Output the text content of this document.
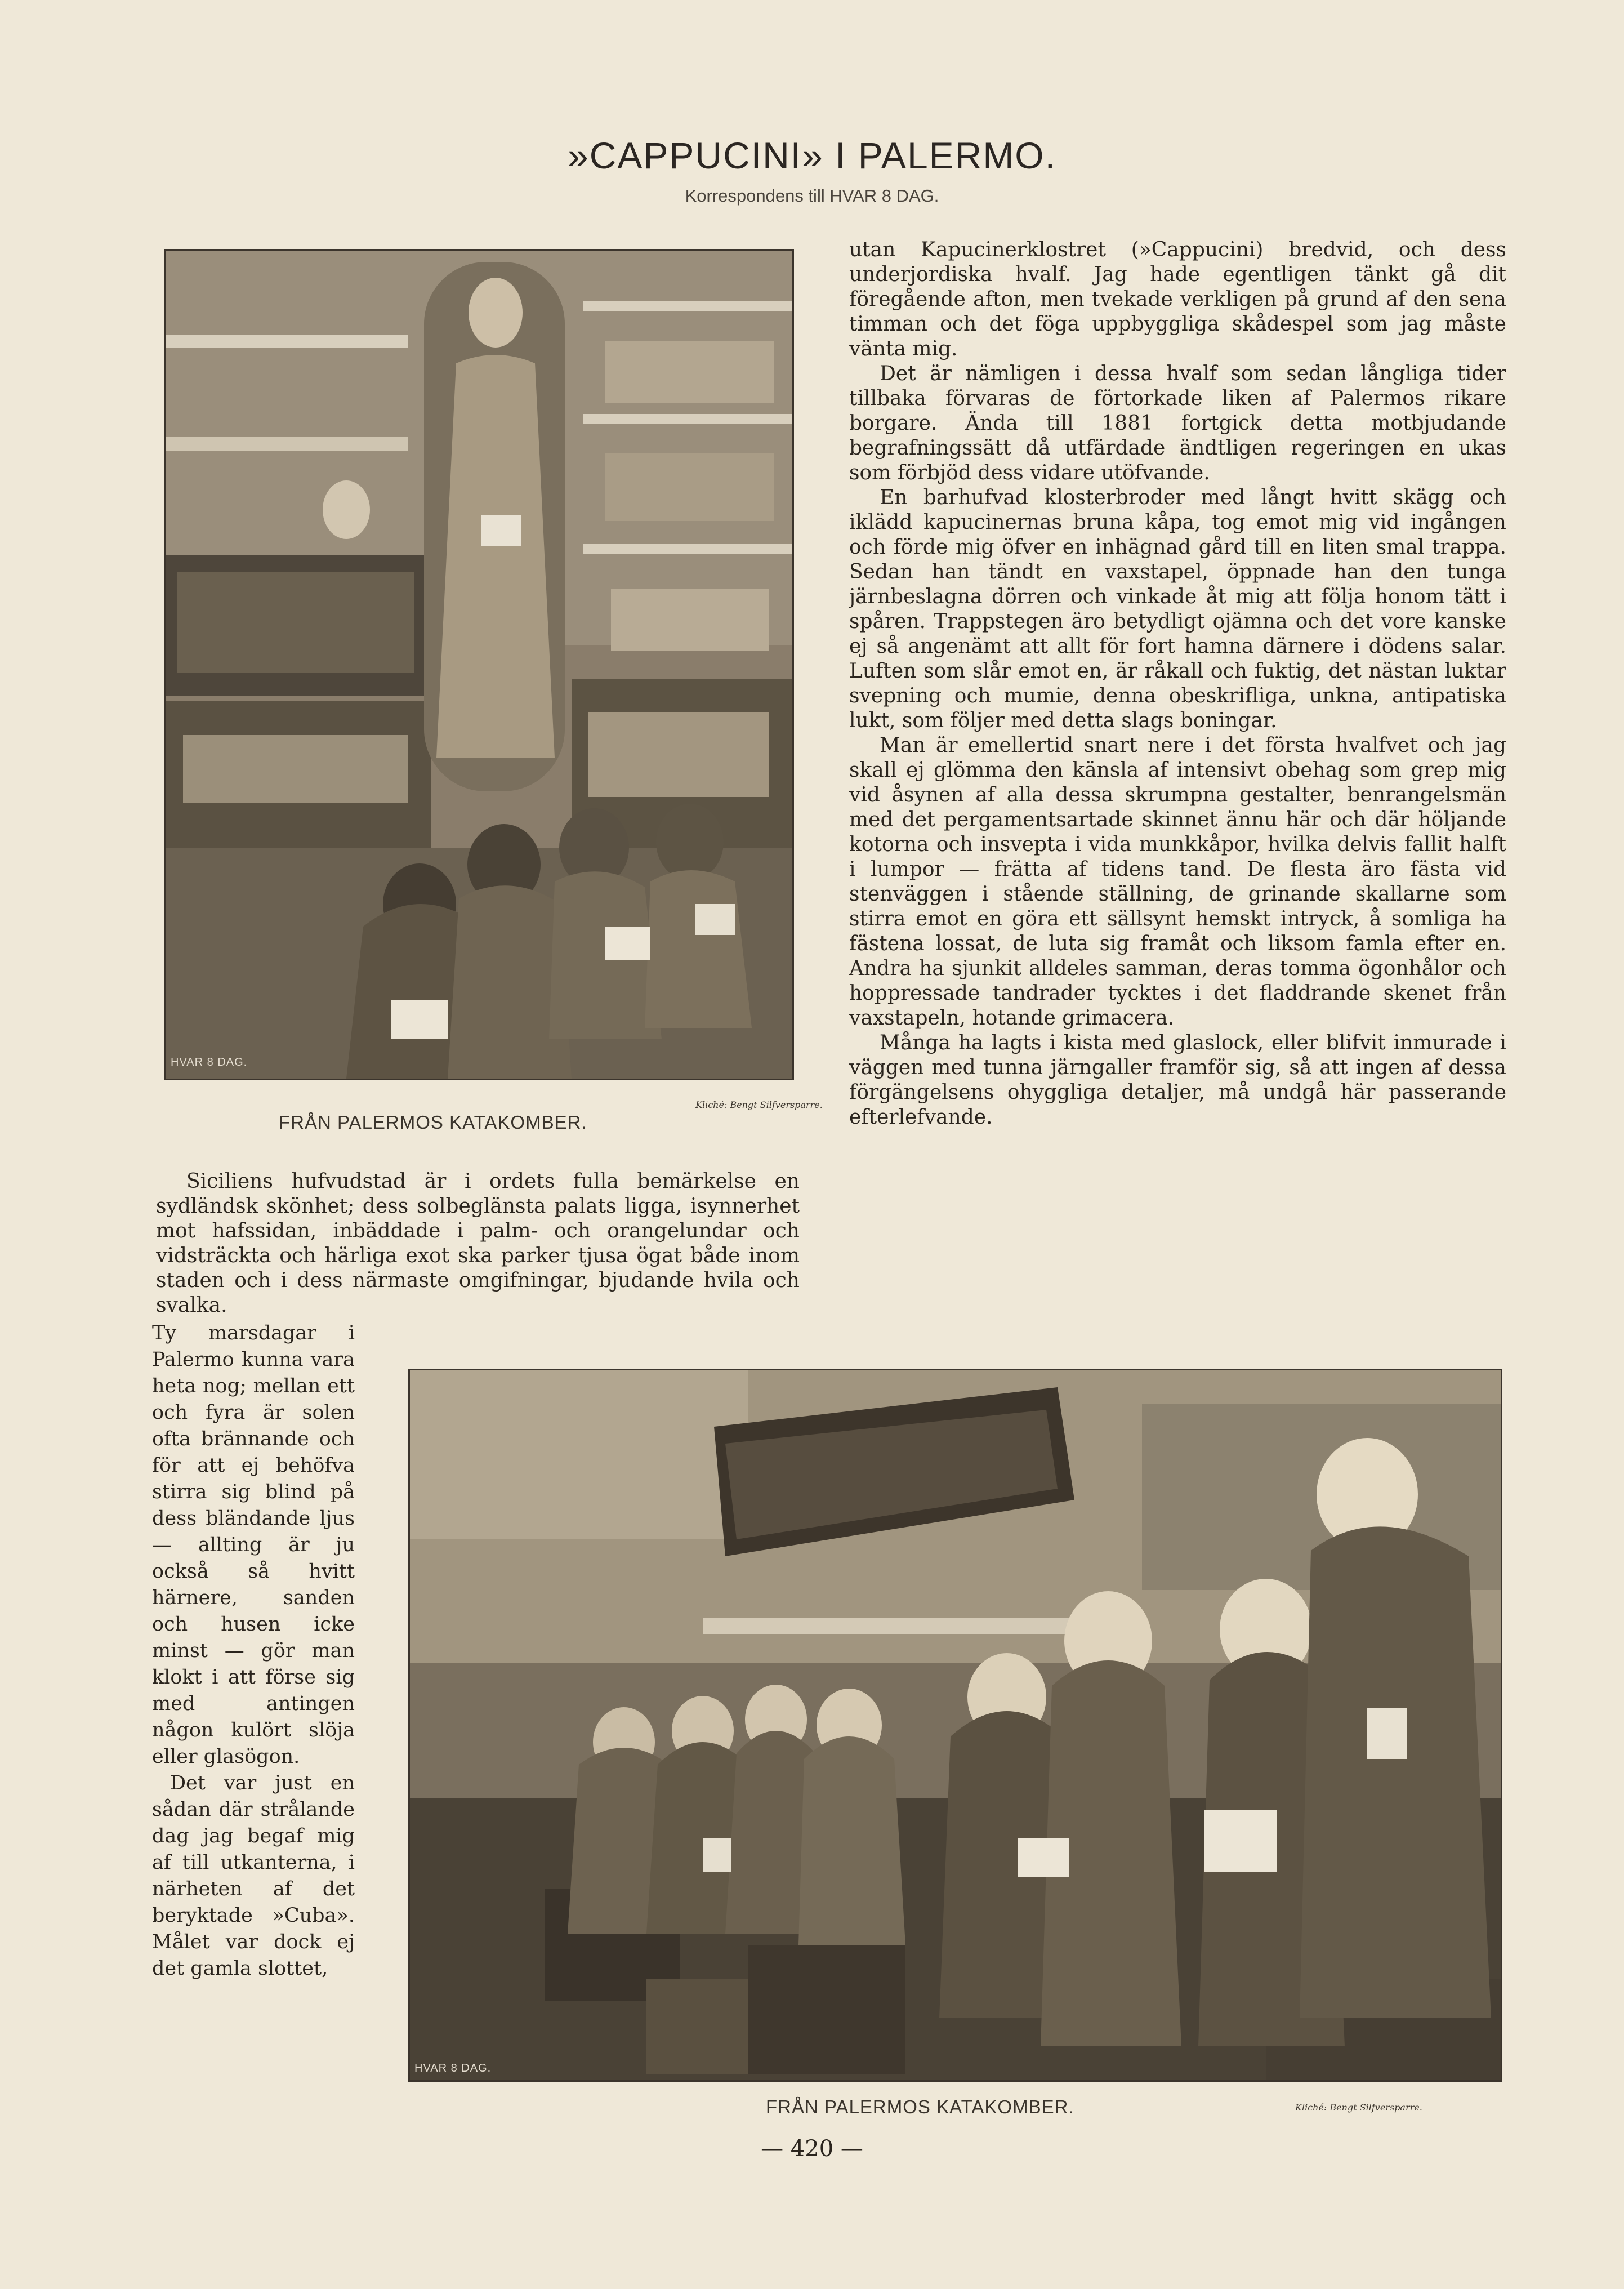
»CAPPUCINI» I PALERMO.
Korrespondens till HVAR 8 DAG.
HVAR 8 DAG.
Kliché: Bengt Silfversparre.
FRÅN PALERMOS KATAKOMBER.

Siciliens hufvudstad är i ordets fulla bemärkelse en sydländsk skönhet; dess solbeglänsta palats ligga, isynnerhet mot hafssidan, inbäddade i palm- och orangelundar och vidsträckta och härliga exot ska parker tjusa ögat både inom staden och i dess närmaste omgifningar, bjudande hvila och svalka.

Ty marsdagar i Palermo kunna vara heta nog; mellan ett och fyra är solen ofta brännande och för att ej behöfva stirra sig blind på dess bländande ljus — allting är ju också så hvitt härnere, sanden och husen icke minst — gör man klokt i att förse sig med antingen någon kulört slöja eller glasögon.

Det var just en sådan där strålande dag jag begaf mig af till utkanterna, i närheten af det beryktade »Cuba». Målet var dock ej det gamla slottet,

utan Kapucinerklostret (»Cappucini) bredvid, och dess underjordiska hvalf. Jag hade egentligen tänkt gå dit föregående afton, men tvekade verkligen på grund af den sena timman och det föga uppbyggliga skådespel som jag måste vänta mig.

Det är nämligen i dessa hvalf som sedan långliga tider tillbaka förvaras de förtorkade liken af Palermos rikare borgare. Ända till 1881 fortgick detta motbjudande begrafningssätt då utfärdade ändtligen regeringen en ukas som förbjöd dess vidare utöfvande.

En barhufvad klosterbroder med långt hvitt skägg och iklädd kapucinernas bruna kåpa, tog emot mig vid ingången och förde mig öfver en inhägnad gård till en liten smal trappa. Sedan han tändt en vaxstapel, öppnade han den tunga järnbeslagna dörren och vinkade åt mig att följa honom tätt i spåren. Trappstegen äro betydligt ojämna och det vore kanske ej så angenämt att allt för fort hamna därnere i dödens salar. Luften som slår emot en, är råkall och fuktig, det nästan luktar svepning och mumie, denna obeskrifliga, unkna, antipatiska lukt, som följer med detta slags boningar.

Man är emellertid snart nere i det första hvalfvet och jag skall ej glömma den känsla af intensivt obehag som grep mig vid åsynen af alla dessa skrumpna gestalter, benrangelsmän med det pergamentsartade skinnet ännu här och där höljande kotorna och insvepta i vida munkkåpor, hvilka delvis fallit halft i lumpor — frätta af tidens tand. De flesta äro fästa vid stenväggen i stående ställning, de grinande skallarne som stirra emot en göra ett sällsynt hemskt intryck, å somliga ha fästena lossat, de luta sig framåt och liksom famla efter en. Andra ha sjunkit alldeles samman, deras tomma ögonhålor och hoppressade tandrader tycktes i det fladdrande skenet från vaxstapeln, hotande grimacera.

Många ha lagts i kista med glaslock, eller blifvit inmurade i väggen med tunna järngaller framför sig, så att ingen af dessa förgängelsens ohyggliga detaljer, må undgå här passerande efterlefvande.

HVAR 8 DAG.
FRÅN PALERMOS KATAKOMBER.	Kliché: Bengt Silfversparre.
— 420 —
